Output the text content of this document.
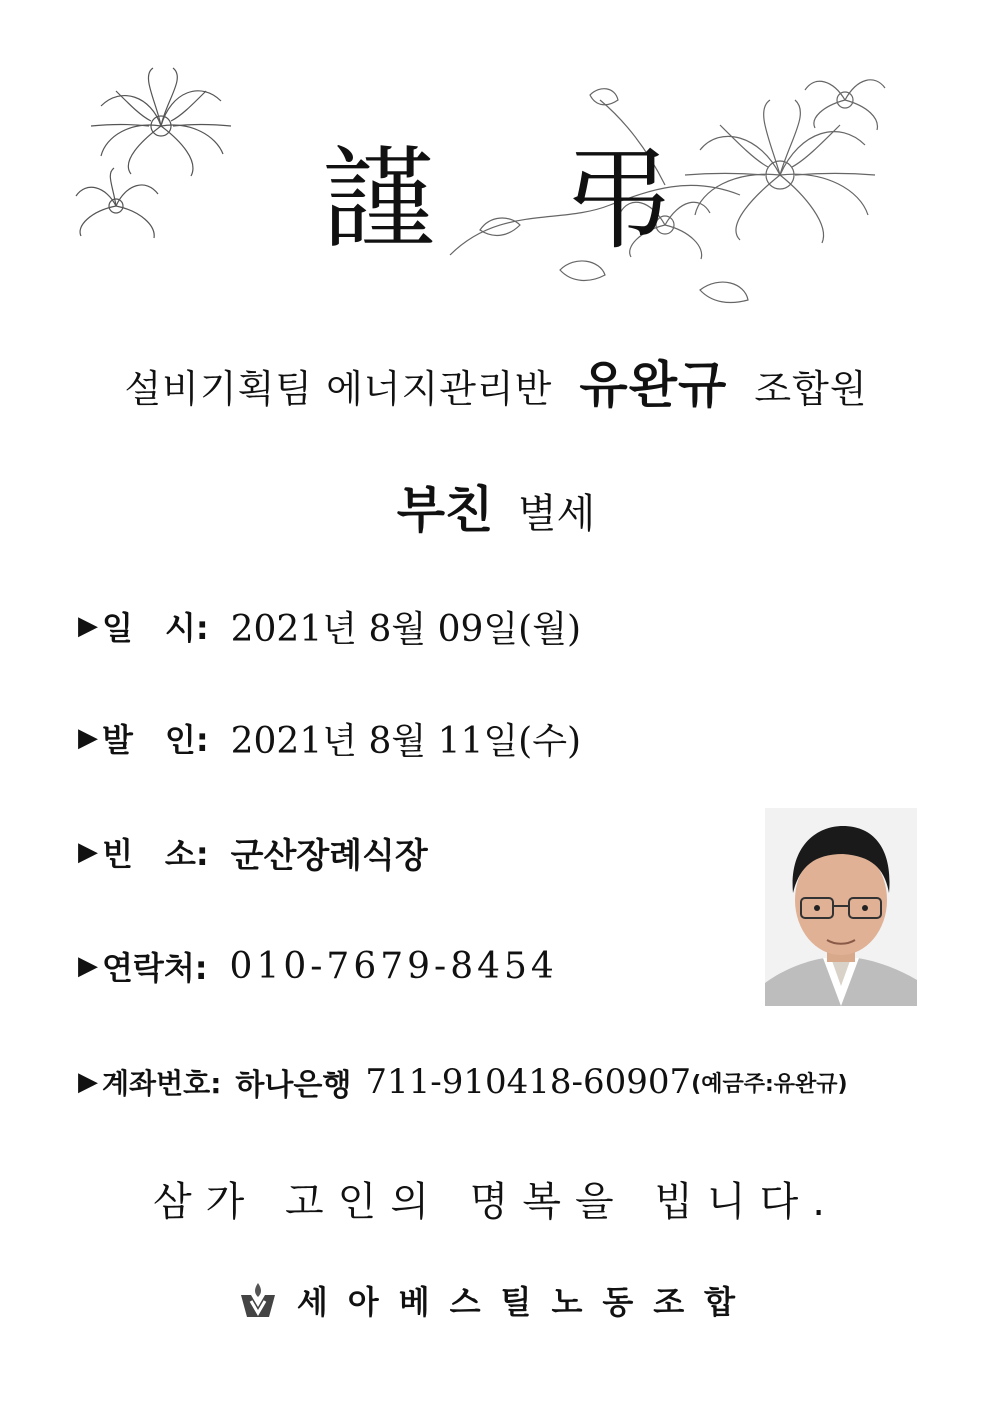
謹 弔
설비기획팀 에너지관리반 유완규 조합원
부친 별세
▶ 일　시: 2021년 8월 09일(월)
▶ 발　인: 2021년 8월 11일(수)
▶ 빈　소: 군산장례식장
▶ 연락처: 010-7679-8454
▶ 계좌번호: 하나은행 711-910418-60907 (예금주:유완규)
삼가 고인의 명복을 빕니다.
세아베스틸노동조합
